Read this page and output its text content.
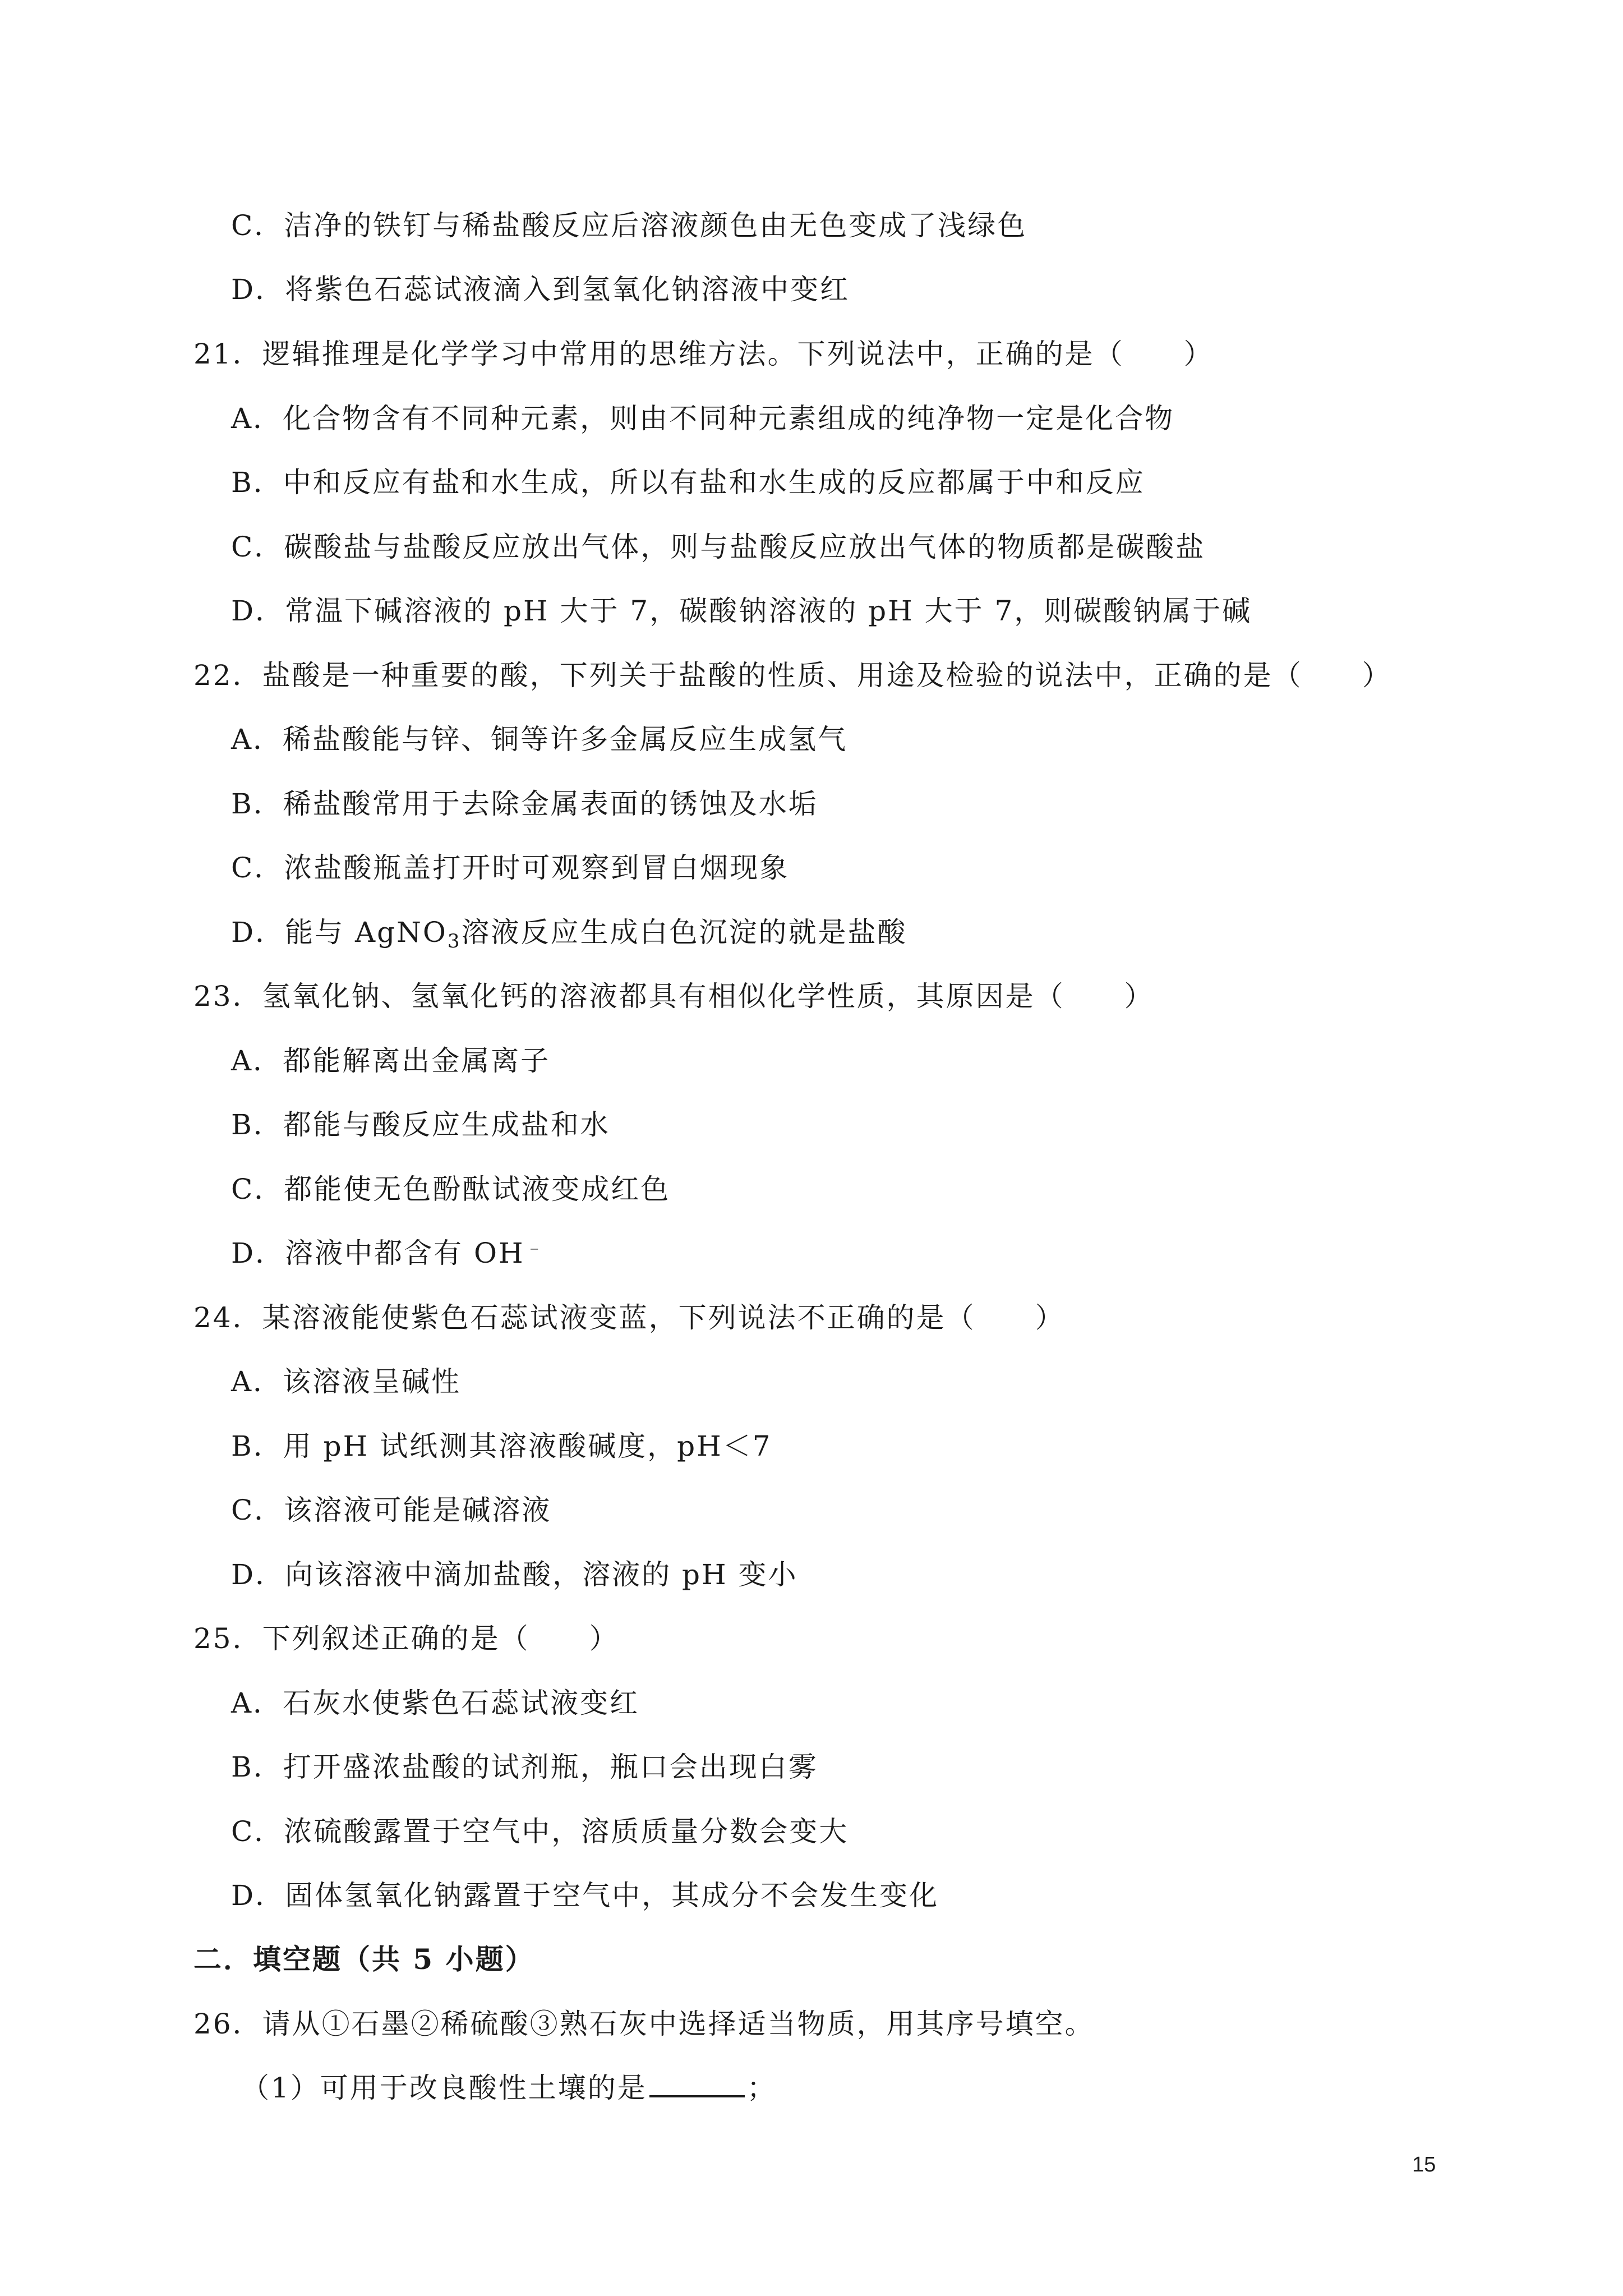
C．洁净的铁钉与稀盐酸反应后溶液颜色由无色变成了浅绿色
D．将紫色石蕊试液滴入到氢氧化钠溶液中变红
21．逻辑推理是化学学习中常用的思维方法。下列说法中，正确的是（　　）
A．化合物含有不同种元素，则由不同种元素组成的纯净物一定是化合物
B．中和反应有盐和水生成，所以有盐和水生成的反应都属于中和反应
C．碳酸盐与盐酸反应放出气体，则与盐酸反应放出气体的物质都是碳酸盐
D．常温下碱溶液的 pH 大于 7，碳酸钠溶液的 pH 大于 7，则碳酸钠属于碱
22．盐酸是一种重要的酸，下列关于盐酸的性质、用途及检验的说法中，正确的是（　　）
A．稀盐酸能与锌、铜等许多金属反应生成氢气
B．稀盐酸常用于去除金属表面的锈蚀及水垢
C．浓盐酸瓶盖打开时可观察到冒白烟现象
D．能与 AgNO$_3$溶液反应生成白色沉淀的就是盐酸
23．氢氧化钠、氢氧化钙的溶液都具有相似化学性质，其原因是（　　）
A．都能解离出金属离子
B．都能与酸反应生成盐和水
C．都能使无色酚酞试液变成红色
D．溶液中都含有 OH﹣
24．某溶液能使紫色石蕊试液变蓝，下列说法不正确的是（　　）
A．该溶液呈碱性
B．用 pH 试纸测其溶液酸碱度，pH＜7
C．该溶液可能是碱溶液
D．向该溶液中滴加盐酸，溶液的 pH 变小
25．下列叙述正确的是（　　）
A．石灰水使紫色石蕊试液变红
B．打开盛浓盐酸的试剂瓶，瓶口会出现白雾
C．浓硫酸露置于空气中，溶质质量分数会变大
D．固体氢氧化钠露置于空气中，其成分不会发生变化
二．填空题（共 5 小题）
26．请从①石墨②稀硫酸③熟石灰中选择适当物质，用其序号填空。
（1）可用于改良酸性土壤的是	；
15
